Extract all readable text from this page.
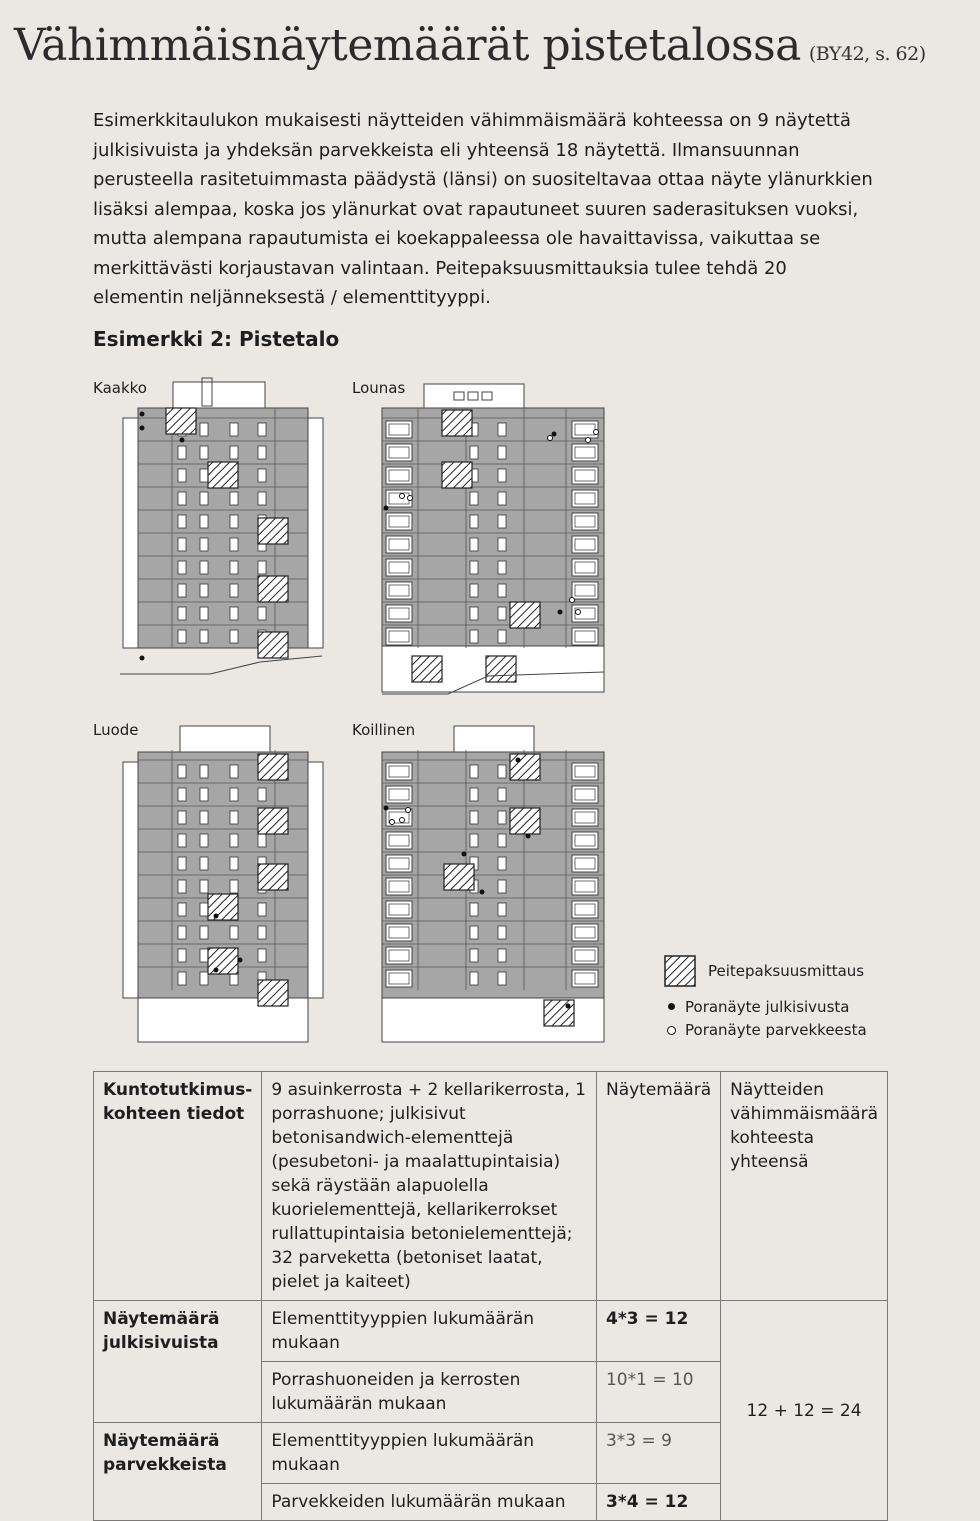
Vähimmäisnäytemäärät pistetalossa (BY42, s. 62)

Esimerkkitaulukon mukaisesti näytteiden vähimmäismäärä kohteessa on 9 näytettä julkisivuista ja yhdeksän parvekkeista eli yhteensä 18 näytettä. Ilmansuunnan perusteella rasitetuimmasta päädystä (länsi) on suositeltavaa ottaa näyte ylänurkkien lisäksi alempaa, koska jos ylänurkat ovat rapautuneet suuren saderasituksen vuoksi, mutta alempana rapautumista ei koekappaleessa ole havaittavissa, vaikuttaa se merkittävästi korjaustavan valintaan. Peitepaksuusmittauksia tulee tehdä 20 elementin neljänneksestä / elementtityyppi.

Esimerkki 2: Pistetalo
Kaakko	Lounas
Luode	Koillinen
Peitepaksuusmittaus
Poranäyte julkisivusta
Poranäyte parvekkeesta
Kuntotutkimus-kohteen tiedot	9 asuinkerrosta + 2 kellarikerrosta, 1 porrashuone; julkisivut betonisandwich-elementtejä (pesubetoni- ja maalattupintaisia) sekä räystään alapuolella kuorielementtejä, kellarikerrokset rullattupintaisia betonielementtejä; 32 parveketta (betoniset laatat, pielet ja kaiteet)	Näytemäärä	Näytteiden vähimmäismäärä kohteesta yhteensä
Näytemäärä julkisivuista	Elementtityyppien lukumäärän mukaan	4*3 = 12	12 + 12 = 24
	Porrashuoneiden ja kerrosten lukumäärän mukaan	10*1 = 10	
Näytemäärä parvekkeista	Elementtityyppien lukumäärän mukaan	3*3 = 9	
	Parvekkeiden lukumäärän mukaan	3*4 = 12	
